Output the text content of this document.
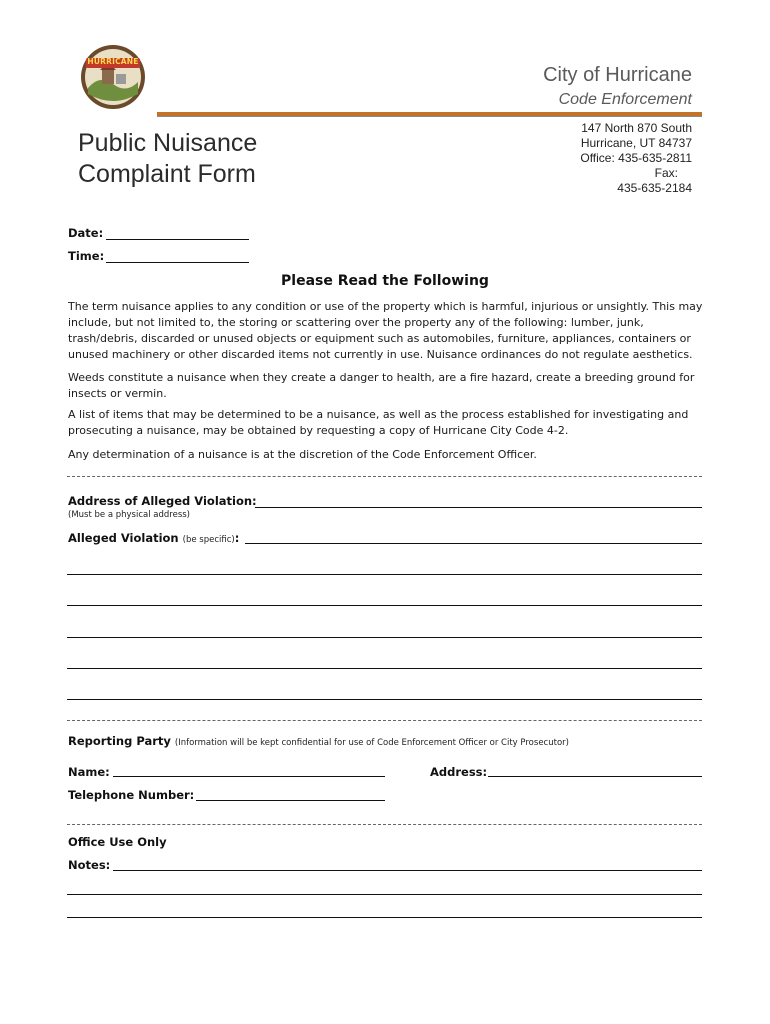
HURRICANE
City of Hurricane
Code Enforcement
Public Nuisance
Complaint Form
147 North 870 South
Hurricane, UT 84737
Office: 435-635-2811
Fax:
435-635-2184
Date:
Time:
Please Read the Following
The term nuisance applies to any condition or use of the property which is harmful, injurious or unsightly. This may include, but not limited to, the storing or scattering over the property any of the following: lumber, junk, trash/debris, discarded or unused objects or equipment such as automobiles, furniture, appliances, containers or unused machinery or other discarded items not currently in use. Nuisance ordinances do not regulate aesthetics.
Weeds constitute a nuisance when they create a danger to health, are a fire hazard, create a breeding ground for insects or vermin.
A list of items that may be determined to be a nuisance, as well as the process established for investigating and prosecuting a nuisance, may be obtained by requesting a copy of Hurricane City Code 4-2.
Any determination of a nuisance is at the discretion of the Code Enforcement Officer.
Address of Alleged Violation:
(Must be a physical address)
Alleged Violation (be specific):
Reporting Party (Information will be kept confidential for use of Code Enforcement Officer or City Prosecutor)
Name:	Address:
Telephone Number:
Office Use Only
Notes:
